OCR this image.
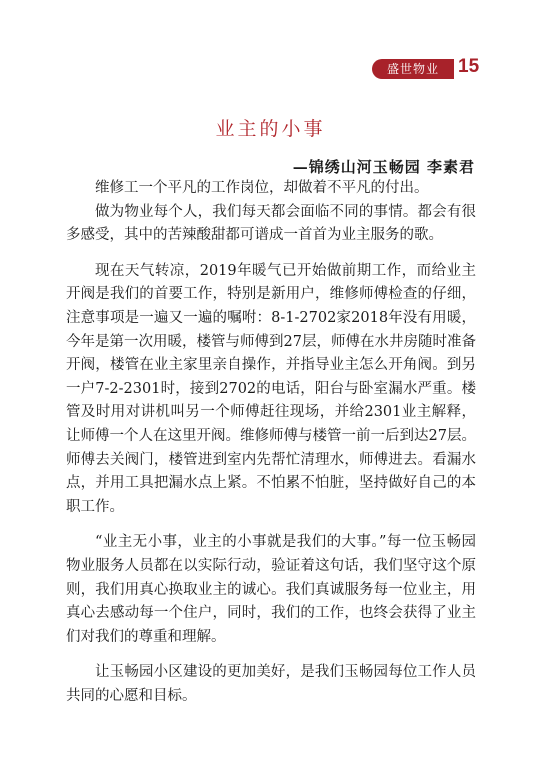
盛世物业	15
业主的小事
—锦绣山河玉畅园 李素君

维修工一个平凡的工作岗位，却做着不平凡的付出。

做为物业每个人，我们每天都会面临不同的事情。都会有很多感受，其中的苦辣酸甜都可谱成一首首为业主服务的歌。

现在天气转凉，2019年暖气已开始做前期工作，而给业主开阀是我们的首要工作，特别是新用户，维修师傅检查的仔细，注意事项是一遍又一遍的嘱咐：8-1-2702家2018年没有用暖，今年是第一次用暖，楼管与师傅到27层，师傅在水井房随时准备开阀，楼管在业主家里亲自操作，并指导业主怎么开角阀。到另一户7-2-2301时，接到2702的电话，阳台与卧室漏水严重。楼管及时用对讲机叫另一个师傅赶往现场，并给2301业主解释，让师傅一个人在这里开阀。维修师傅与楼管一前一后到达27层。师傅去关阀门，楼管进到室内先帮忙清理水，师傅进去。看漏水点，并用工具把漏水点上紧。不怕累不怕脏，坚持做好自己的本职工作。

“业主无小事，业主的小事就是我们的大事。”每一位玉畅园物业服务人员都在以实际行动，验证着这句话，我们坚守这个原则，我们用真心换取业主的诚心。我们真诚服务每一位业主，用真心去感动每一个住户，同时，我们的工作，也终会获得了业主们对我们的尊重和理解。

让玉畅园小区建设的更加美好，是我们玉畅园每位工作人员共同的心愿和目标。
